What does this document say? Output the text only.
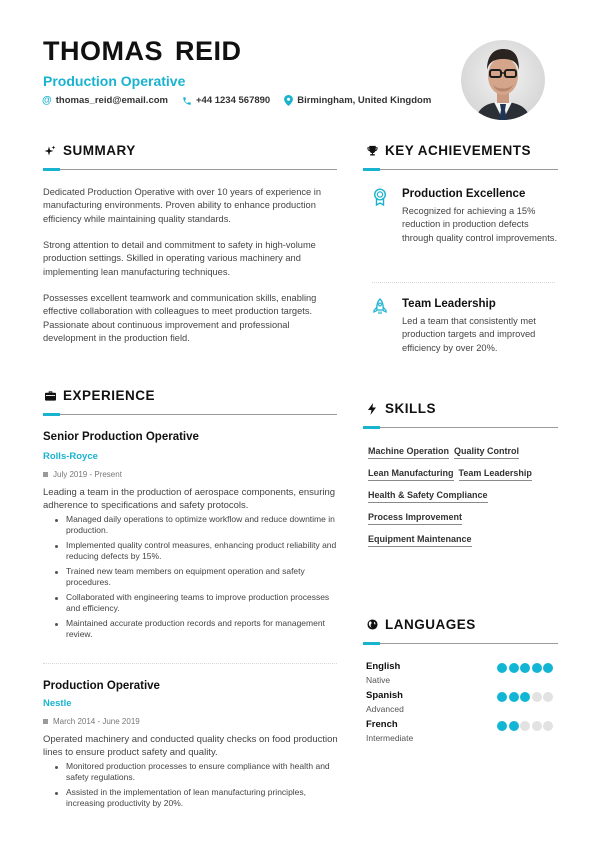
THOMAS REID
Production Operative
@ thomas_reid@email.com	+44 1234 567890	Birmingham, United Kingdom
SUMMARY
Dedicated Production Operative with over 10 years of experience in manufacturing environments. Proven ability to enhance production efficiency while maintaining quality standards.
Strong attention to detail and commitment to safety in high-volume production settings. Skilled in operating various machinery and implementing lean manufacturing techniques.
Possesses excellent teamwork and communication skills, enabling effective collaboration with colleagues to meet production targets. Passionate about continuous improvement and professional development in the production field.
KEY ACHIEVEMENTS
Production Excellence
Recognized for achieving a 15% reduction in production defects through quality control improvements.
Team Leadership
Led a team that consistently met production targets and improved efficiency by over 20%.
EXPERIENCE
Senior Production Operative
Rolls-Royce
July 2019 - Present
Leading a team in the production of aerospace components, ensuring adherence to specifications and safety protocols.
Managed daily operations to optimize workflow and reduce downtime in production.
Implemented quality control measures, enhancing product reliability and reducing defects by 15%.
Trained new team members on equipment operation and safety procedures.
Collaborated with engineering teams to improve production processes and efficiency.
Maintained accurate production records and reports for management review.
Production Operative
Nestle
March 2014 - June 2019
Operated machinery and conducted quality checks on food production lines to ensure product safety and quality.
Monitored production processes to ensure compliance with health and safety regulations.
Assisted in the implementation of lean manufacturing principles, increasing productivity by 20%.
SKILLS
Machine Operation Quality Control
Lean Manufacturing Team Leadership
Health & Safety Compliance
Process Improvement
Equipment Maintenance
LANGUAGES
English
Native
Spanish
Advanced
French
Intermediate
